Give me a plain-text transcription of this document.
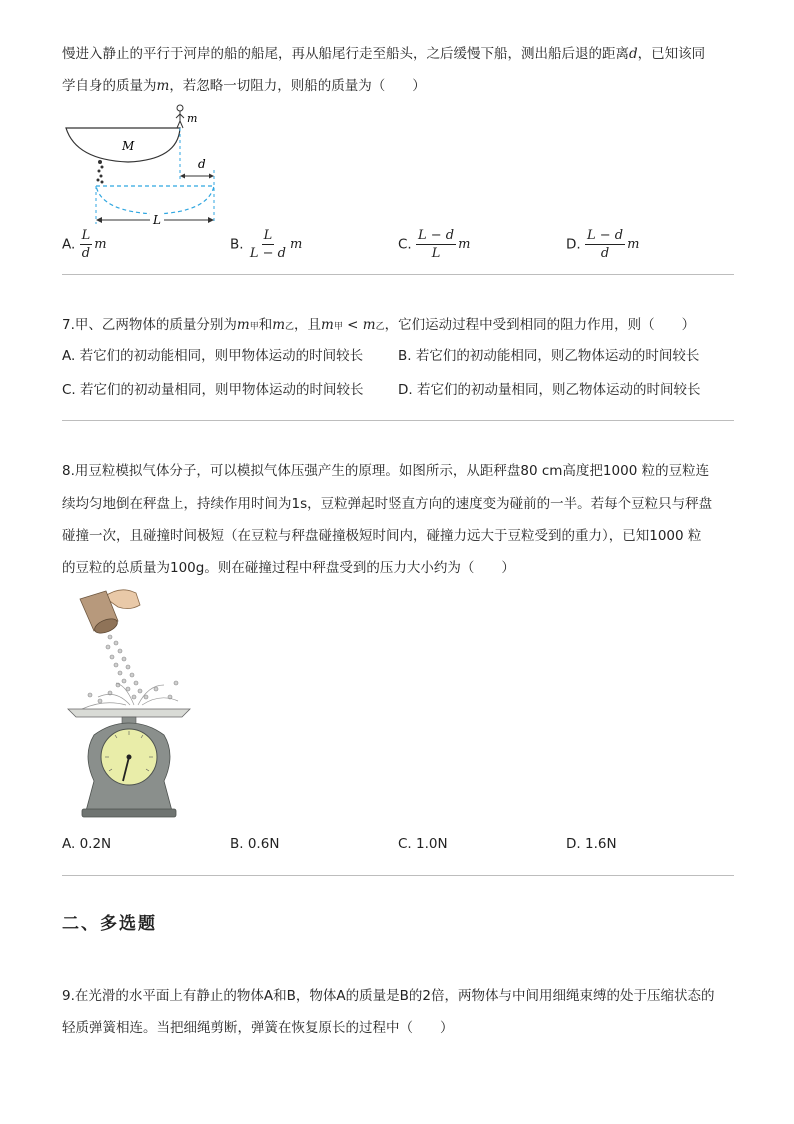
慢进入静止的平行于河岸的船的船尾，再从船尾行走至船头，之后缓慢下船，测出船后退的距离d，已知该同
学自身的质量为m，若忽略一切阻力，则船的质量为（　　）
M
m
d
L
A. $\frac{L}{d}$ m	B. $\frac{L}{L - d}$ m	C. $\frac{L - d}{L}$ m	D. $\frac{L - d}{d}$ m
7.甲、乙两物体的质量分别为m甲和m乙，且m甲 < m乙，它们运动过程中受到相同的阻力作用，则（　　）
A. 若它们的初动能相同，则甲物体运动的时间较长	B. 若它们的初动能相同，则乙物体运动的时间较长
C. 若它们的初动量相同，则甲物体运动的时间较长	D. 若它们的初动量相同，则乙物体运动的时间较长
8.用豆粒模拟气体分子，可以模拟气体压强产生的原理。如图所示，从距秤盘80 cm高度把1000 粒的豆粒连
续均匀地倒在秤盘上，持续作用时间为1s，豆粒弹起时竖直方向的速度变为碰前的一半。若每个豆粒只与秤盘
碰撞一次，且碰撞时间极短（在豆粒与秤盘碰撞极短时间内，碰撞力远大于豆粒受到的重力），已知1000 粒
的豆粒的总质量为100g。则在碰撞过程中秤盘受到的压力大小约为（　　）
A. 0.2N	B. 0.6N	C. 1.0N	D. 1.6N
二、多选题
9.在光滑的水平面上有静止的物体A和B，物体A的质量是B的2倍，两物体与中间用细绳束缚的处于压缩状态的
轻质弹簧相连。当把细绳剪断，弹簧在恢复原长的过程中（　　）
